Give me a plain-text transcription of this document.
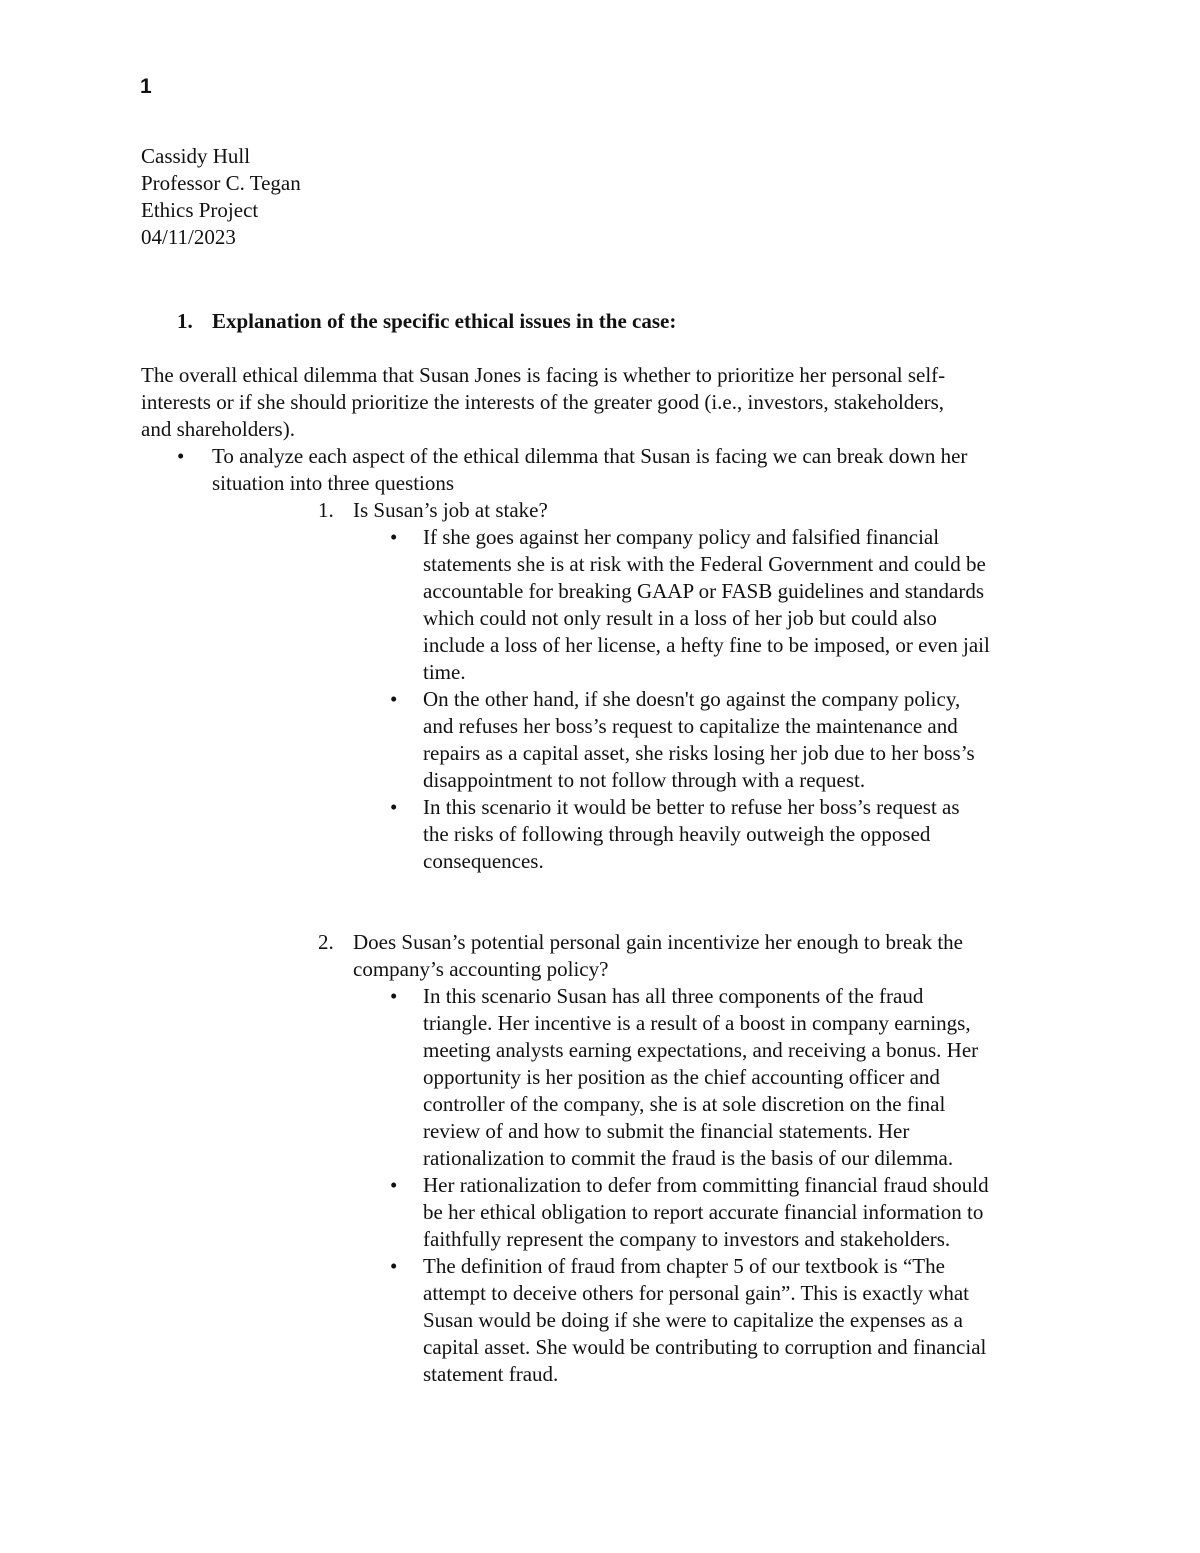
1
Cassidy Hull
Professor C. Tegan
Ethics Project
04/11/2023
1. Explanation of the specific ethical issues in the case:
The overall ethical dilemma that Susan Jones is facing is whether to prioritize her personal self-
interests or if she should prioritize the interests of the greater good (i.e., investors, stakeholders,
and shareholders).
• To analyze each aspect of the ethical dilemma that Susan is facing we can break down her
situation into three questions
1. Is Susan’s job at stake?
• If she goes against her company policy and falsified financial
statements she is at risk with the Federal Government and could be
accountable for breaking GAAP or FASB guidelines and standards
which could not only result in a loss of her job but could also
include a loss of her license, a hefty fine to be imposed, or even jail
time.
• On the other hand, if she doesn't go against the company policy,
and refuses her boss’s request to capitalize the maintenance and
repairs as a capital asset, she risks losing her job due to her boss’s
disappointment to not follow through with a request.
• In this scenario it would be better to refuse her boss’s request as
the risks of following through heavily outweigh the opposed
consequences.
2. Does Susan’s potential personal gain incentivize her enough to break the
company’s accounting policy?
• In this scenario Susan has all three components of the fraud
triangle. Her incentive is a result of a boost in company earnings,
meeting analysts earning expectations, and receiving a bonus. Her
opportunity is her position as the chief accounting officer and
controller of the company, she is at sole discretion on the final
review of and how to submit the financial statements. Her
rationalization to commit the fraud is the basis of our dilemma.
• Her rationalization to defer from committing financial fraud should
be her ethical obligation to report accurate financial information to
faithfully represent the company to investors and stakeholders.
• The definition of fraud from chapter 5 of our textbook is “The
attempt to deceive others for personal gain”. This is exactly what
Susan would be doing if she were to capitalize the expenses as a
capital asset. She would be contributing to corruption and financial
statement fraud.
